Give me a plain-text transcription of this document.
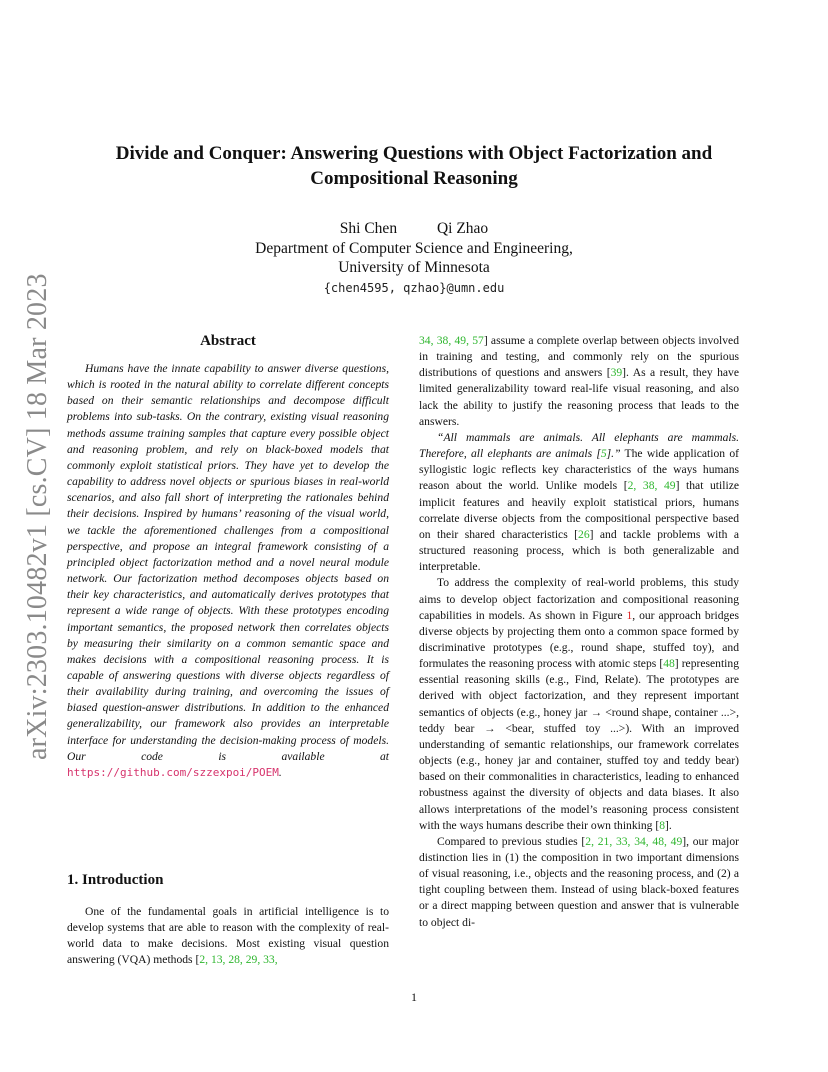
arXiv:2303.10482v1 [cs.CV] 18 Mar 2023
Divide and Conquer: Answering Questions with Object Factorization and Compositional Reasoning
Shi Chen	Qi Zhao
Department of Computer Science and Engineering,
University of Minnesota
{chen4595, qzhao}@umn.edu
Abstract
Humans have the innate capability to answer diverse questions, which is rooted in the natural ability to correlate different concepts based on their semantic relationships and decompose difficult problems into sub-tasks. On the contrary, existing visual reasoning methods assume training samples that capture every possible object and reasoning problem, and rely on black-boxed models that commonly exploit statistical priors. They have yet to develop the capability to address novel objects or spurious biases in real-world scenarios, and also fall short of interpreting the rationales behind their decisions. Inspired by humans’ reasoning of the visual world, we tackle the aforementioned challenges from a compositional perspective, and propose an integral framework consisting of a principled object factorization method and a novel neural module network. Our factorization method decomposes objects based on their key characteristics, and automatically derives prototypes that represent a wide range of objects. With these prototypes encoding important semantics, the proposed network then correlates objects by measuring their similarity on a common semantic space and makes decisions with a compositional reasoning process. It is capable of answering questions with diverse objects regardless of their availability during training, and overcoming the issues of biased question-answer distributions. In addition to the enhanced generalizability, our framework also provides an interpretable interface for understanding the decision-making process of models. Our code is available at https://github.com/szzexpoi/POEM.
1. Introduction
One of the fundamental goals in artificial intelligence is to develop systems that are able to reason with the complexity of real-world data to make decisions. Most existing visual question answering (VQA) methods [2, 13, 28, 29, 33,

34, 38, 49, 57] assume a complete overlap between objects involved in training and testing, and commonly rely on the spurious distributions of questions and answers [39]. As a result, they have limited generalizability toward real-life visual reasoning, and also lack the ability to justify the reasoning process that leads to the answers.

“All mammals are animals. All elephants are mammals. Therefore, all elephants are animals [5].” The wide application of syllogistic logic reflects key characteristics of the ways humans reason about the world. Unlike models [2, 38, 49] that utilize implicit features and heavily exploit statistical priors, humans correlate diverse objects from the compositional perspective based on their shared characteristics [26] and tackle problems with a structured reasoning process, which is both generalizable and interpretable.

To address the complexity of real-world problems, this study aims to develop object factorization and compositional reasoning capabilities in models. As shown in Figure 1, our approach bridges diverse objects by projecting them onto a common space formed by discriminative prototypes (e.g., round shape, stuffed toy), and formulates the reasoning process with atomic steps [48] representing essential reasoning skills (e.g., Find, Relate). The prototypes are derived with object factorization, and they represent important semantics of objects (e.g., honey jar → <round shape, container ...>, teddy bear → <bear, stuffed toy ...>). With an improved understanding of semantic relationships, our framework correlates objects (e.g., honey jar and container, stuffed toy and teddy bear) based on their commonalities in characteristics, leading to enhanced robustness against the diversity of objects and data biases. It also allows interpretations of the model’s reasoning process consistent with the ways humans describe their own thinking [8].

Compared to previous studies [2, 21, 33, 34, 48, 49], our major distinction lies in (1) the composition in two important dimensions of visual reasoning, i.e., objects and the reasoning process, and (2) a tight coupling between them. Instead of using black-boxed features or a direct mapping between question and answer that is vulnerable to object di-

1
